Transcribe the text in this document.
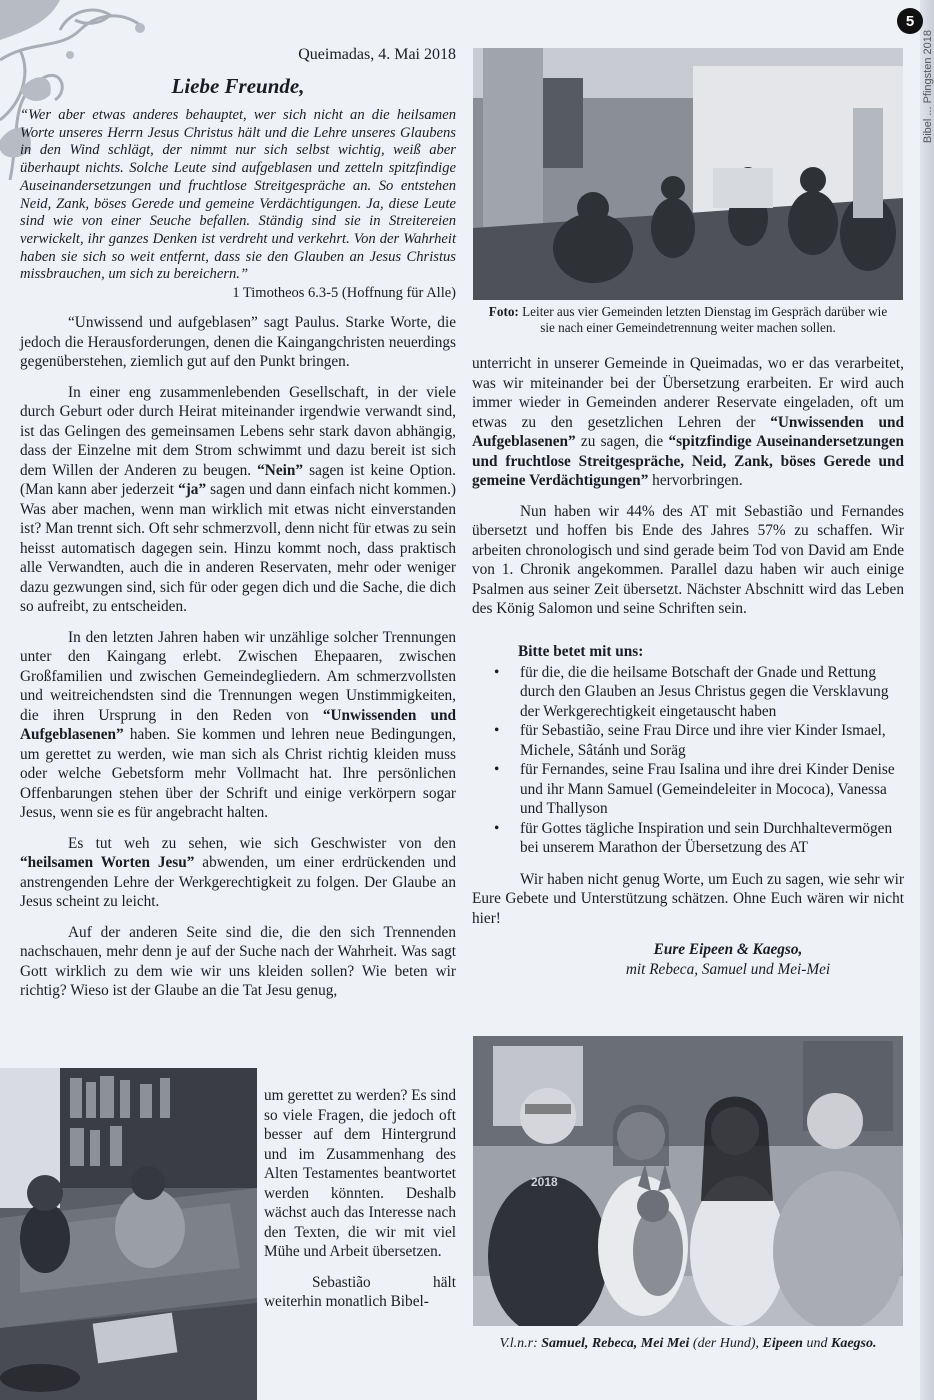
Bibel ... Pfingsten 2018
5
Queimadas, 4. Mai 2018
Liebe Freunde,

“Wer aber etwas anderes behauptet, wer sich nicht an die heilsamen Worte unseres Herrn Jesus Christus hält und die Lehre unseres Glaubens in den Wind schlägt, der nimmt nur sich selbst wichtig, weiß aber überhaupt nichts. Solche Leute sind aufgeblasen und zetteln spitzfindige Auseinandersetzungen und fruchtlose Streitgespräche an. So entstehen Neid, Zank, böses Gerede und gemeine Verdächtigungen. Ja, diese Leute sind wie von einer Seuche befallen. Ständig sind sie in Streitereien verwickelt, ihr ganzes Denken ist verdreht und verkehrt. Von der Wahrheit haben sie sich so weit entfernt, dass sie den Glauben an Jesus Christus missbrauchen, um sich zu bereichern.”

1 Timotheos 6.3-5 (Hoffnung für Alle)

“Unwissend und aufgeblasen” sagt Paulus. Starke Worte, die jedoch die Herausforderungen, denen die Kaingangchristen neuerdings gegenüberstehen, ziemlich gut auf den Punkt bringen.

In einer eng zusammenlebenden Gesellschaft, in der viele durch Geburt oder durch Heirat miteinander irgendwie verwandt sind, ist das Gelingen des gemeinsamen Lebens sehr stark davon abhängig, dass der Einzelne mit dem Strom schwimmt und dazu bereit ist sich dem Willen der Anderen zu beugen. “Nein” sagen ist keine Option.(Man kann aber jederzeit “ja” sagen und dann einfach nicht kommen.) Was aber machen, wenn man wirklich mit etwas nicht einverstanden ist? Man trennt sich. Oft sehr schmerzvoll, denn nicht für etwas zu sein heisst automatisch dagegen sein. Hinzu kommt noch, dass praktisch alle Verwandten, auch die in anderen Reservaten, mehr oder weniger dazu gezwungen sind, sich für oder gegen dich und die Sache, die dich so aufreibt, zu entscheiden.

In den letzten Jahren haben wir unzählige solcher Trennungen unter den Kaingang erlebt. Zwischen Ehepaaren, zwischen Großfamilien und zwischen Gemeindegliedern. Am schmerzvollsten und weitreichendsten sind die Trennungen wegen Unstimmigkeiten, die ihren Ursprung in den Reden von “Unwissenden und Aufgeblasenen” haben. Sie kommen und lehren neue Bedingungen, um gerettet zu werden, wie man sich als Christ richtig kleiden muss oder welche Gebetsform mehr Vollmacht hat. Ihre persönlichen Offenbarungen stehen über der Schrift und einige verkörpern sogar Jesus, wenn sie es für angebracht halten.

Es tut weh zu sehen, wie sich Geschwister von den “heilsamen Worten Jesu” abwenden, um einer erdrückenden und anstrengenden Lehre der Werkgerechtigkeit zu folgen. Der Glaube an Jesus scheint zu leicht.

Auf der anderen Seite sind die, die den sich Trennenden nachschauen, mehr denn je auf der Suche nach der Wahrheit. Was sagt Gott wirklich zu dem wie wir uns kleiden sollen? Wie beten wir richtig? Wieso ist der Glaube an die Tat Jesu genug,

um gerettet zu werden? Es sind so viele Fragen, die jedoch oft besser auf dem Hintergrund und im Zusammenhang des Alten Testamentes beantwortet werden könnten. Deshalb wächst auch das Interesse nach den Texten, die wir mit viel Mühe und Arbeit übersetzen.

Sebastião hält weiterhin monatlich Bibel-

Foto: Leiter aus vier Gemeinden letzten Dienstag im Gespräch darüber wie sie nach einer Gemeindetrennung weiter machen sollen.

unterricht in unserer Gemeinde in Queimadas, wo er das verarbeitet, was wir miteinander bei der Übersetzung erarbeiten. Er wird auch immer wieder in Gemeinden anderer Reservate eingeladen, oft um etwas zu den gesetzlichen Lehren der “Unwissenden und Aufgeblasenen” zu sagen, die “spitzfindige Auseinandersetzungen und fruchtlose Streitgespräche, Neid, Zank, böses Gerede und gemeine Verdächtigungen” hervorbringen.

Nun haben wir 44% des AT mit Sebastião und Fernandes übersetzt und hoffen bis Ende des Jahres 57% zu schaffen. Wir arbeiten chronologisch und sind gerade beim Tod von David am Ende von 1. Chronik angekommen. Parallel dazu haben wir auch einige Psalmen aus seiner Zeit übersetzt. Nächster Abschnitt wird das Leben des König Salomon und seine Schriften sein.

Bitte betet mit uns:
• für die, die die heilsame Botschaft der Gnade und Rettung durch den Glauben an Jesus Christus gegen die Versklavung der Werkgerechtigkeit eingetauscht haben
• für Sebastião, seine Frau Dirce und ihre vier Kinder Ismael, Michele, Sâtánh und Soräg
• für Fernandes, seine Frau Isalina und ihre drei Kinder Denise und ihr Mann Samuel (Gemeindeleiter in Mococa), Vanessa und Thallyson
• für Gottes tägliche Inspiration und sein Durchhaltevermögen bei unserem Marathon der Übersetzung des AT

Wir haben nicht genug Worte, um Euch zu sagen, wie sehr wir Eure Gebete und Unterstützung schätzen. Ohne Euch wären wir nicht hier!

Eure Eipeen & Kaegso,
mit Rebeca, Samuel und Mei-Mei
2018
V.l.n.r: Samuel, Rebeca, Mei Mei (der Hund), Eipeen und Kaegso.
